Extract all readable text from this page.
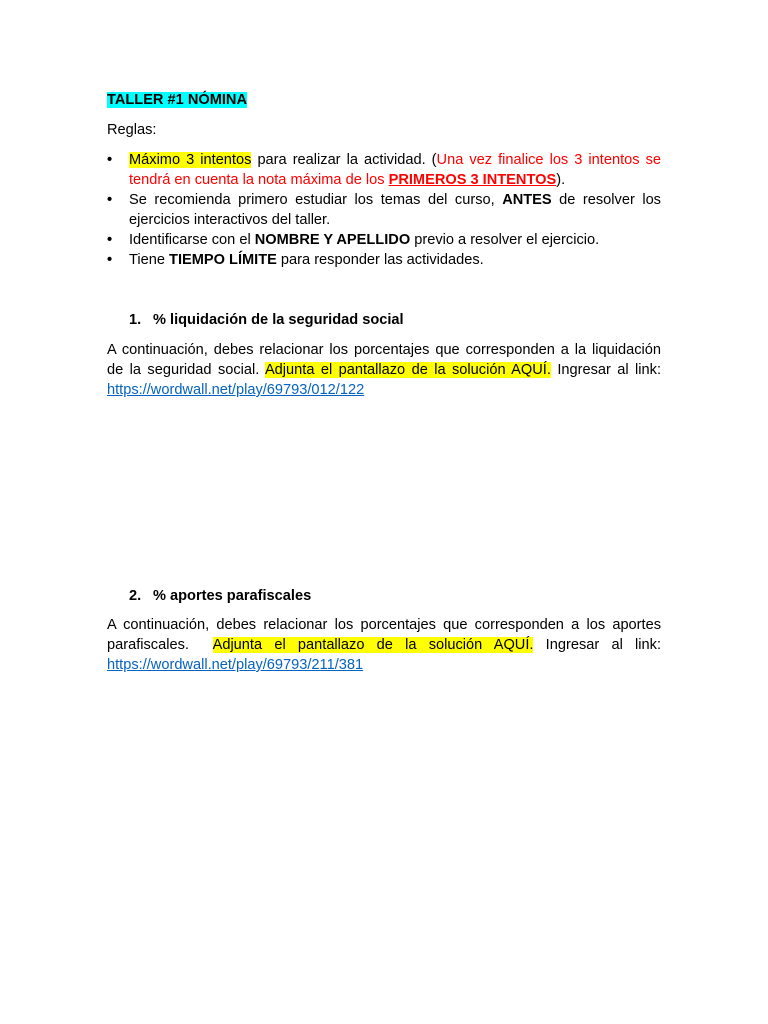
TALLER #1 NÓMINA
Reglas:
•	Máximo 3 intentos para realizar la actividad. (Una vez finalice los 3 intentos se
tendrá en cuenta la nota máxima de los PRIMEROS 3 INTENTOS).
•	Se recomienda primero estudiar los temas del curso, ANTES de resolver los
ejercicios interactivos del taller.
•	Identificarse con el NOMBRE Y APELLIDO previo a resolver el ejercicio.
•	Tiene TIEMPO LÍMITE para responder las actividades.
1. % liquidación de la seguridad social
A continuación, debes relacionar los porcentajes que corresponden a la liquidación
de la seguridad social. Adjunta el pantallazo de la solución AQUÍ. Ingresar al link:
https://wordwall.net/play/69793/012/122
2. % aportes parafiscales
A continuación, debes relacionar los porcentajes que corresponden a los aportes
parafiscales.  Adjunta el pantallazo de la solución AQUÍ. Ingresar al link:
https://wordwall.net/play/69793/211/381
